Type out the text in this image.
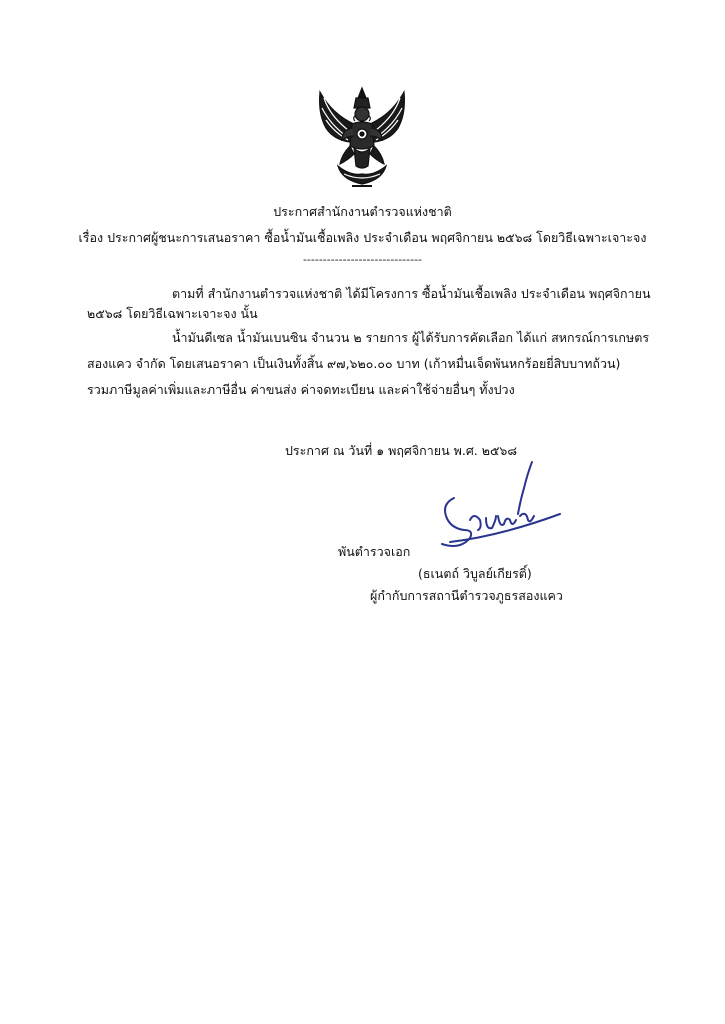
ประกาศสำนักงานตำรวจแห่งชาติ
เรื่อง ประกาศผู้ชนะการเสนอราคา ซื้อน้ำมันเชื้อเพลิง ประจำเดือน พฤศจิกายน ๒๕๖๘ โดยวิธีเฉพาะเจาะจง
------------------------------
ตามที่ สำนักงานตำรวจแห่งชาติ ได้มีโครงการ ซื้อน้ำมันเชื้อเพลิง ประจำเดือน พฤศจิกายน
๒๕๖๘ โดยวิธีเฉพาะเจาะจง นั้น
น้ำมันดีเซล น้ำมันเบนซิน จำนวน ๒ รายการ ผู้ได้รับการคัดเลือก ได้แก่ สหกรณ์การเกษตร
สองแคว จำกัด โดยเสนอราคา เป็นเงินทั้งสิ้น ๙๗,๖๒๐.๐๐ บาท (เก้าหมื่นเจ็ดพันหกร้อยยี่สิบบาทถ้วน)
รวมภาษีมูลค่าเพิ่มและภาษีอื่น ค่าขนส่ง ค่าจดทะเบียน และค่าใช้จ่ายอื่นๆ ทั้งปวง
ประกาศ ณ วันที่ ๑ พฤศจิกายน พ.ศ. ๒๕๖๘
พันตำรวจเอก
(ธเนตถ์ วิบูลย์เกียรติ์)
ผู้กำกับการสถานีตำรวจภูธรสองแคว
